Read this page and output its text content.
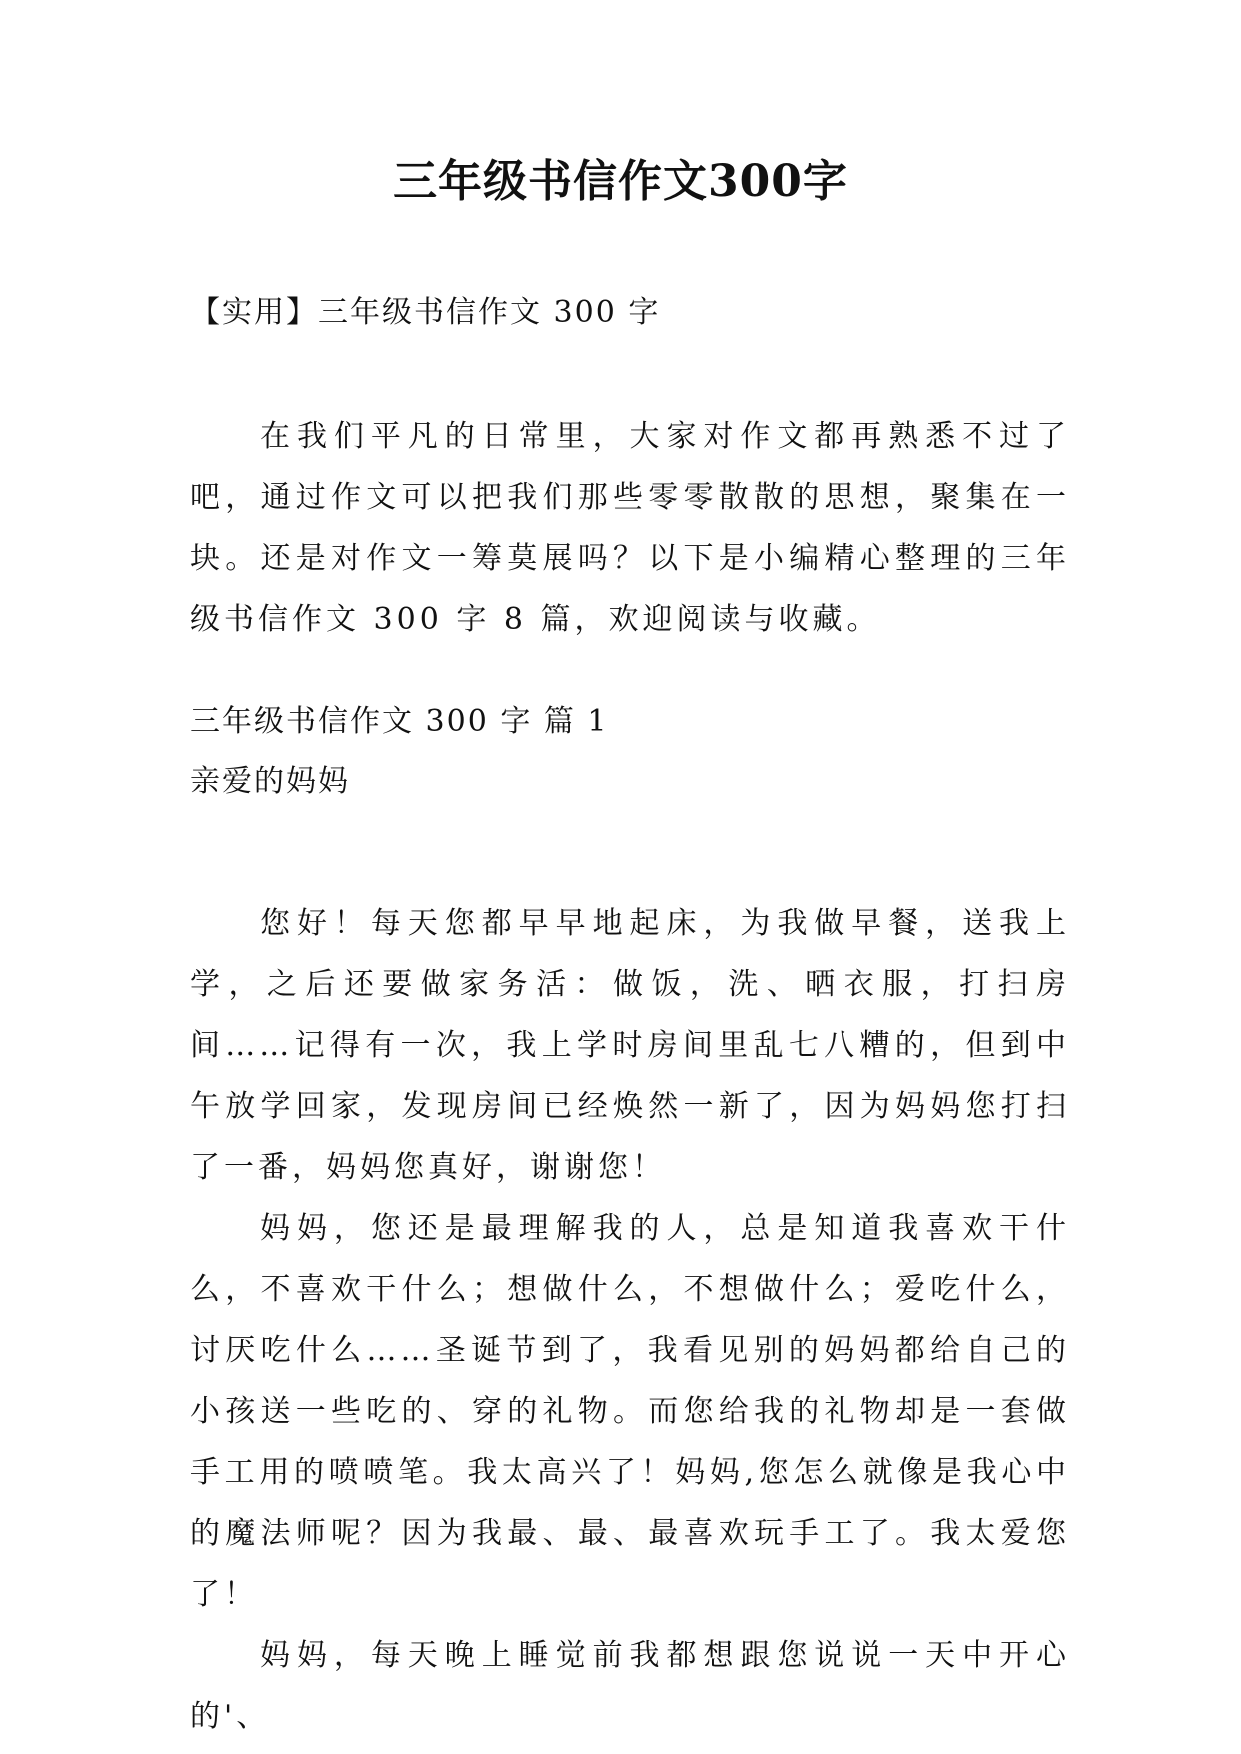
三年级书信作文300字
【实用】三年级书信作文 300 字

在我们平凡的日常里，大家对作文都再熟悉不过了吧，通过作文可以把我们那些零零散散的思想，聚集在一块。还是对作文一筹莫展吗？以下是小编精心整理的三年级书信作文 300 字 8 篇，欢迎阅读与收藏。

三年级书信作文 300 字 篇 1
亲爱的妈妈

您好！每天您都早早地起床，为我做早餐，送我上学，之后还要做家务活：做饭，洗、晒衣服，打扫房间……记得有一次，我上学时房间里乱七八糟的，但到中午放学回家，发现房间已经焕然一新了，因为妈妈您打扫了一番，妈妈您真好，谢谢您！

妈妈，您还是最理解我的人，总是知道我喜欢干什么，不喜欢干什么；想做什么，不想做什么；爱吃什么，讨厌吃什么……圣诞节到了，我看见别的妈妈都给自己的小孩送一些吃的、穿的礼物。而您给我的礼物却是一套做手工用的喷喷笔。我太高兴了！妈妈,您怎么就像是我心中的魔法师呢？因为我最、最、最喜欢玩手工了。我太爱您了！

妈妈，每天晚上睡觉前我都想跟您说说一天中开心的'、
